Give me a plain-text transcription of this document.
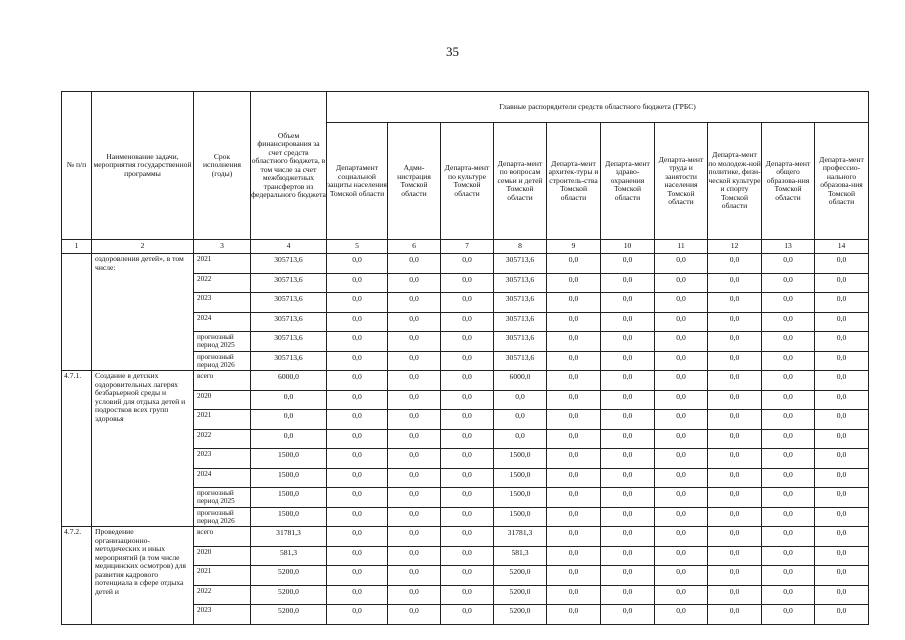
35
№ п/п	Наименование задачи, мероприятия государственной программы	Срок исполнения (годы)	Объем финансирования за счет средств областного бюджета, в том числе за счет межбюджетных трансфертов из федерального бюджета	Главные распорядители средств областного бюджета (ГРБС)									
				Департамент социальной защиты населения Томской области	Адми-нистрация Томской области	Департа-мент по культуре Томской области	Департа-мент по вопросам семьи и детей Томской области	Департа-мент архитек-туры и строитель-ства Томской области	Департа-мент здраво-охранения Томской области	Департа-мент труда и занятости населения Томской области	Департа-мент по молодеж-ной политике, физи-ческой культуре и спорту Томской области	Департа-мент общего образова-ния Томской области	Департа-мент профессио-нального образова-ния Томской области
1	2	3	4	5	6	7	8	9	10	11	12	13	14
	оздоровления детей», в том числе:	2021	305713,6	0,0	0,0	0,0	305713,6	0,0	0,0	0,0	0,0	0,0	0,0
		2022	305713,6	0,0	0,0	0,0	305713,6	0,0	0,0	0,0	0,0	0,0	0,0
		2023	305713,6	0,0	0,0	0,0	305713,6	0,0	0,0	0,0	0,0	0,0	0,0
		2024	305713,6	0,0	0,0	0,0	305713,6	0,0	0,0	0,0	0,0	0,0	0,0
		прогнозный период 2025	305713,6	0,0	0,0	0,0	305713,6	0,0	0,0	0,0	0,0	0,0	0,0
		прогнозный период 2026	305713,6	0,0	0,0	0,0	305713,6	0,0	0,0	0,0	0,0	0,0	0,0
4.7.1.	Создание в детских оздоровительных лагерях безбарьерной среды и условий для отдыха детей и подростков всех групп здоровья	всего	6000,0	0,0	0,0	0,0	6000,0	0,0	0,0	0,0	0,0	0,0	0,0
		2020	0,0	0,0	0,0	0,0	0,0	0,0	0,0	0,0	0,0	0,0	0,0
		2021	0,0	0,0	0,0	0,0	0,0	0,0	0,0	0,0	0,0	0,0	0,0
		2022	0,0	0,0	0,0	0,0	0,0	0,0	0,0	0,0	0,0	0,0	0,0
		2023	1500,0	0,0	0,0	0,0	1500,0	0,0	0,0	0,0	0,0	0,0	0,0
		2024	1500,0	0,0	0,0	0,0	1500,0	0,0	0,0	0,0	0,0	0,0	0,0
		прогнозный период 2025	1500,0	0,0	0,0	0,0	1500,0	0,0	0,0	0,0	0,0	0,0	0,0
		прогнозный период 2026	1500,0	0,0	0,0	0,0	1500,0	0,0	0,0	0,0	0,0	0,0	0,0
4.7.2.	Проведение организационно-методических и иных мероприятий (в том числе медицинских осмотров) для развития кадрового потенциала в сфере отдыха детей и	всего	31781,3	0,0	0,0	0,0	31781,3	0,0	0,0	0,0	0,0	0,0	0,0
		2020	581,3	0,0	0,0	0,0	581,3	0,0	0,0	0,0	0,0	0,0	0,0
		2021	5200,0	0,0	0,0	0,0	5200,0	0,0	0,0	0,0	0,0	0,0	0,0
		2022	5200,0	0,0	0,0	0,0	5200,0	0,0	0,0	0,0	0,0	0,0	0,0
		2023	5200,0	0,0	0,0	0,0	5200,0	0,0	0,0	0,0	0,0	0,0	0,0
